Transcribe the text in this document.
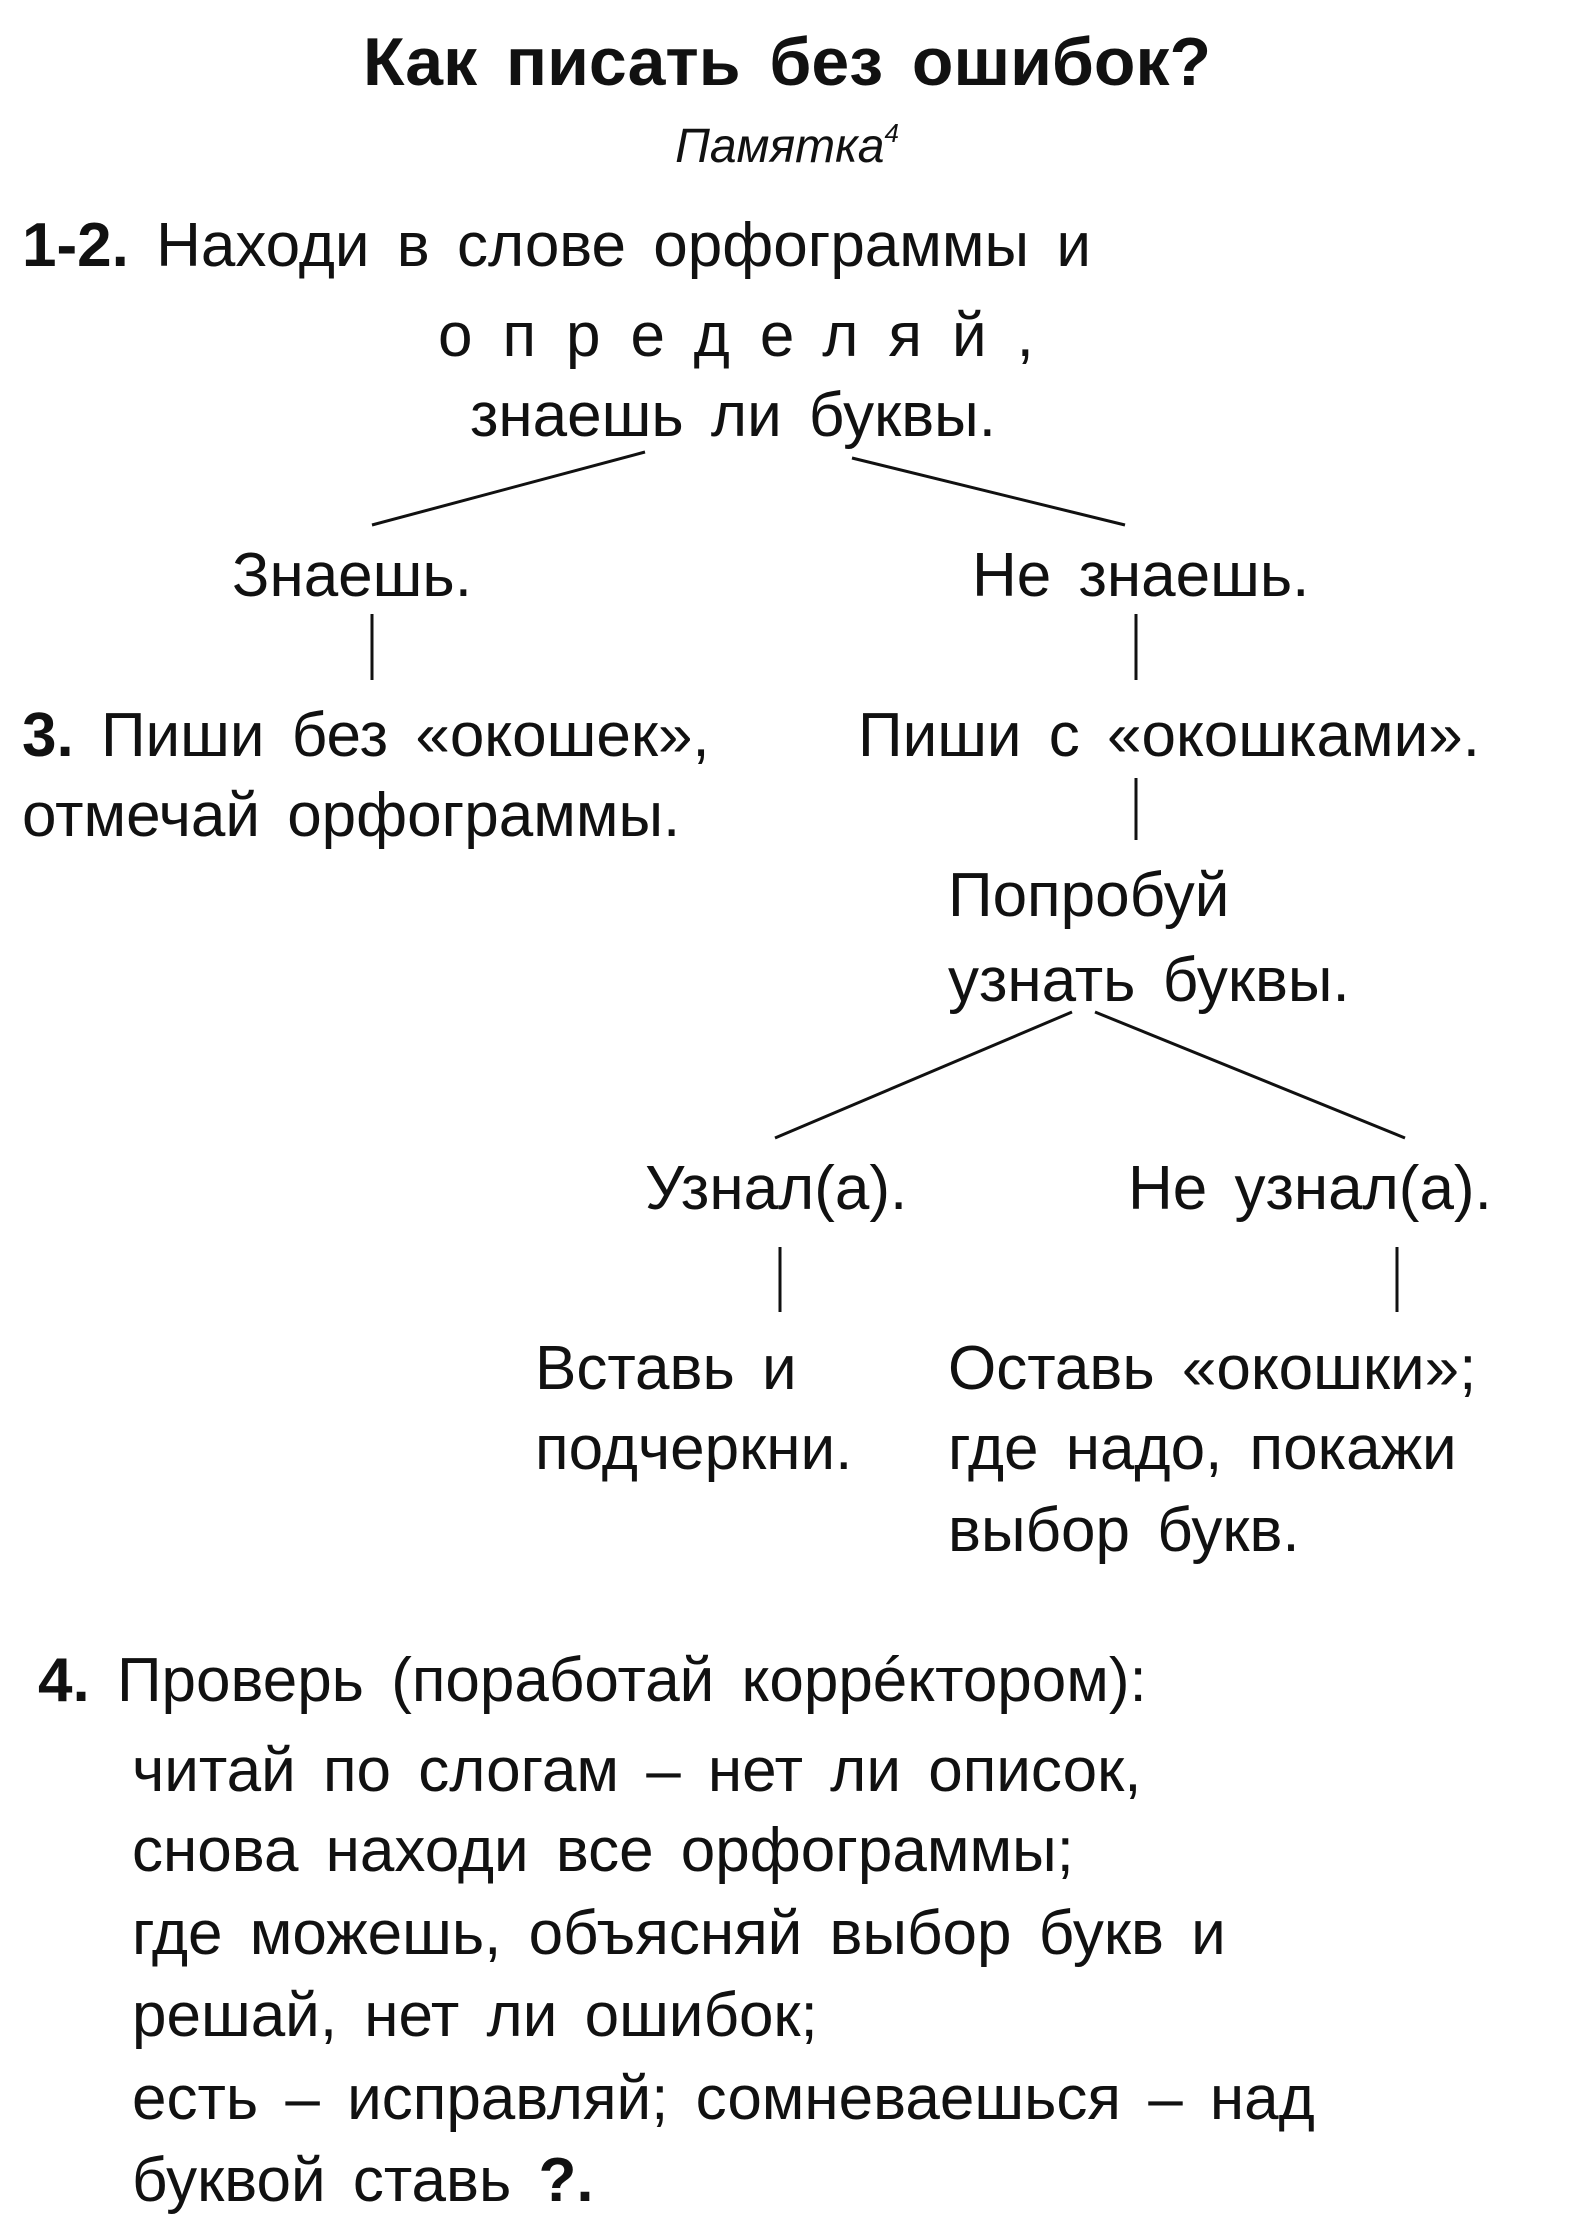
Как писать без ошибок?
Памятка$^4$
1-2. Находи в слове орфограммы и
определяй,
знаешь ли буквы.
Знаешь.
3. Пиши без «окошек»,
отмечай орфограммы.
Не знаешь.
Пиши с «окошками».
Попробуй
узнать буквы.
Узнал(а).	Не узнал(а).
Вставь и
подчеркни.
Оставь «окошки»;
где надо, покажи
выбор букв.
4. Проверь (поработай коррéктором):
читай по слогам – нет ли описок,
снова находи все орфограммы;
где можешь, объясняй выбор букв и
решай, нет ли ошибок;
есть – исправляй; сомневаешься – над
буквой ставь ?.
